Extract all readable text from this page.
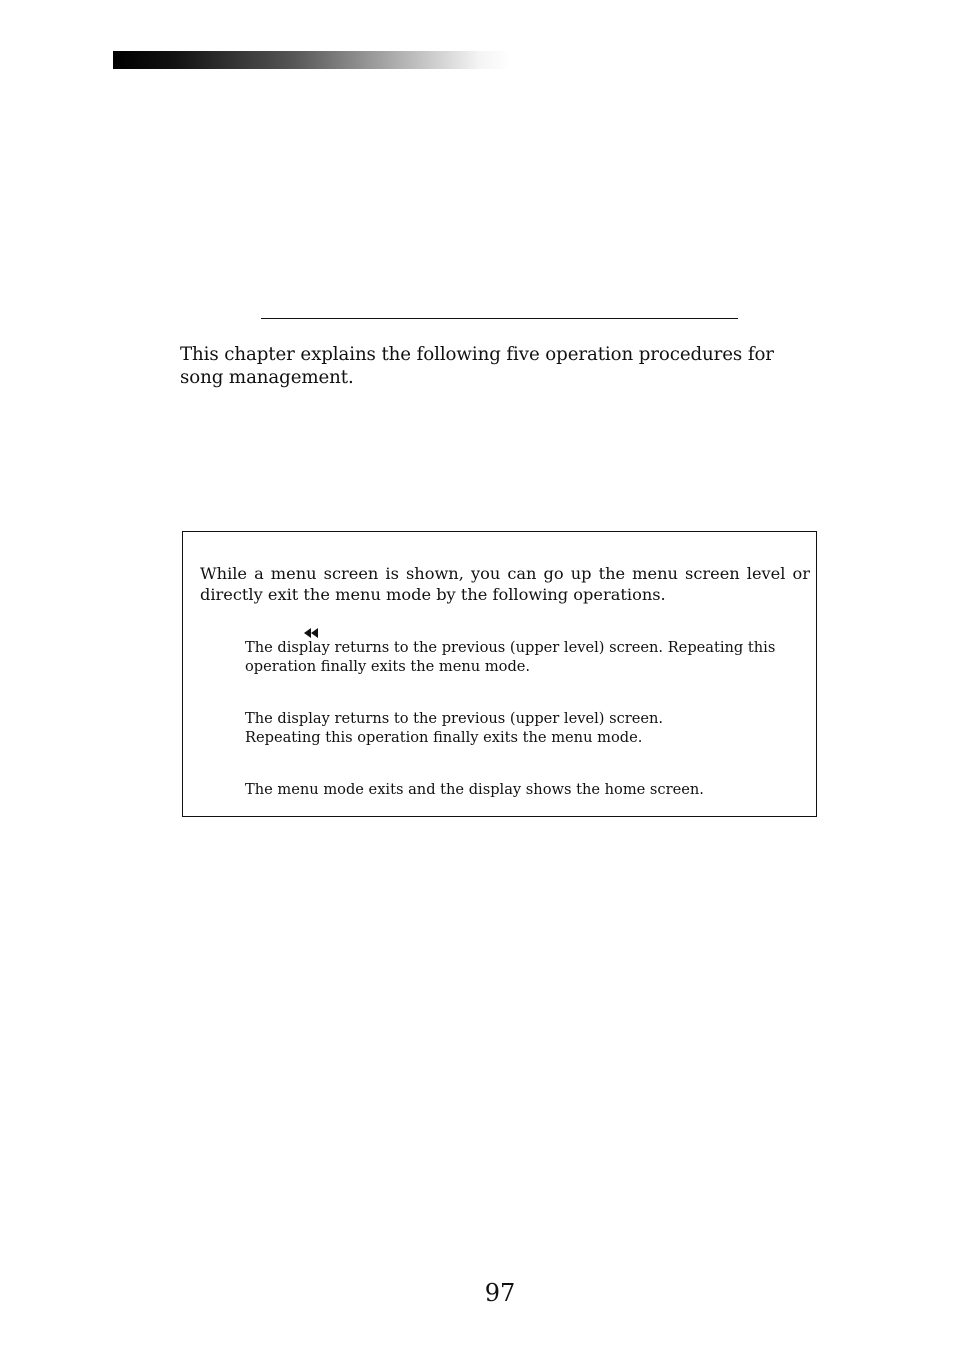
This chapter explains the following five operation procedures for song management.

While a menu screen is shown, you can go up the menu screen level or directly exit the menu mode by the following operations.

The display returns to the previous (upper level) screen. Repeating this operation finally exits the menu mode.

The display returns to the previous (upper level) screen.
Repeating this operation finally exits the menu mode.

The menu mode exits and the display shows the home screen.

97
